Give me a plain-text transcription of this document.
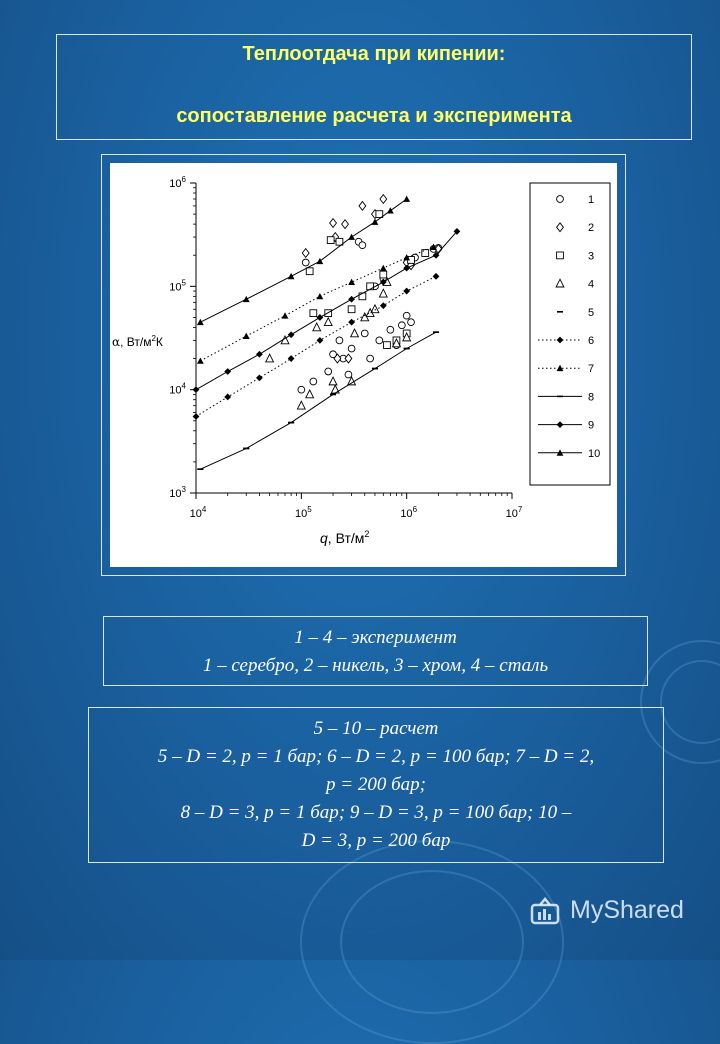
Теплоотдача при кипении:
сопоставление расчета и эксперимента
$10^4$	$10^5$	$10^6$	$10^7$
$10^3$
$10^4$
$10^5$
$10^6$
q, $Вт/м^2$
α, $Вт/м^2К$
1
2
3
4
5
6
7
8
9
10
1 – 4 – эксперимент
1 – серебро, 2 – никель, 3 – хром, 4 – сталь
5 – 10 – расчет
5 – D = 2, p = 1 бар; 6 – D = 2, p = 100 бар; 7 – D = 2,
p = 200 бар;
8 – D = 3, p = 1 бар; 9 – D = 3, p = 100 бар; 10 –
D = 3, p = 200 бар
MyShared
